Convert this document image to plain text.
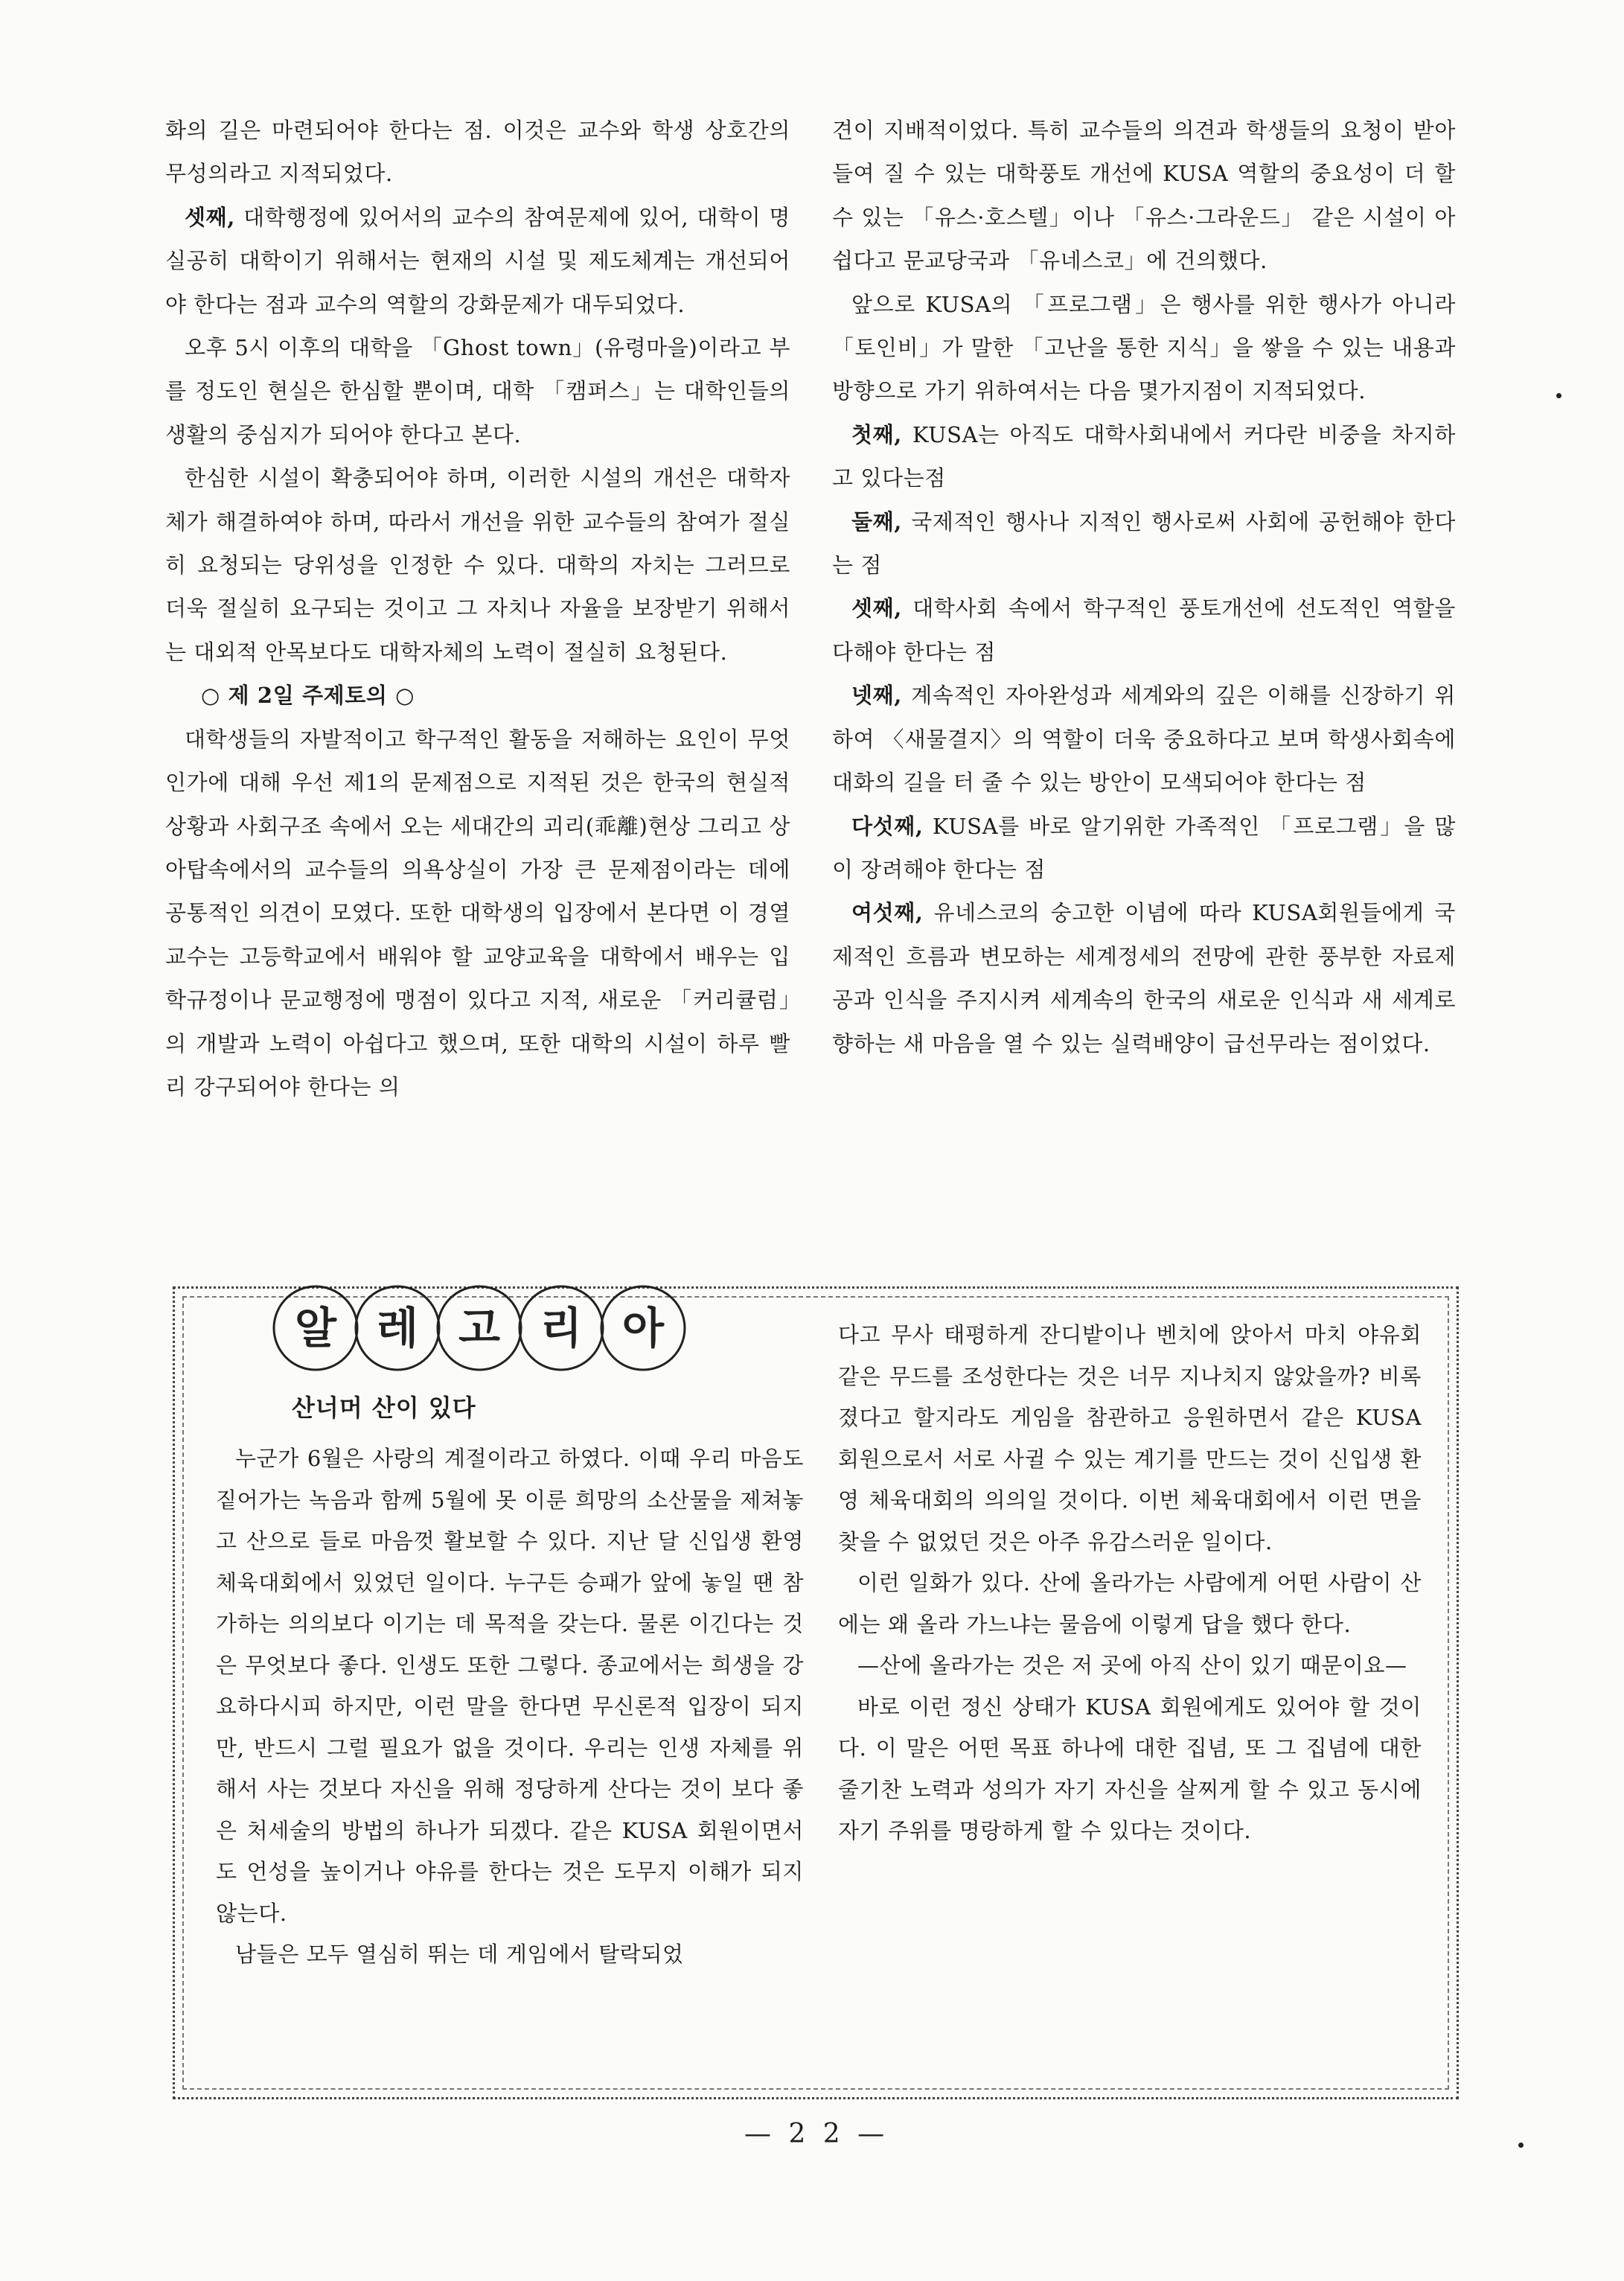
화의 길은 마련되어야 한다는 점. 이것은 교수와 학생 상호간의 무성의라고 지적되었다.

셋째, 대학행정에 있어서의 교수의 참여문제에 있어, 대학이 명실공히 대학이기 위해서는 현재의 시설 및 제도체계는 개선되어야 한다는 점과 교수의 역할의 강화문제가 대두되었다.

오후 5시 이후의 대학을 「Ghost town」(유령마을)이라고 부를 정도인 현실은 한심할 뿐이며, 대학 「캠퍼스」는 대학인들의 생활의 중심지가 되어야 한다고 본다.

한심한 시설이 확충되어야 하며, 이러한 시설의 개선은 대학자체가 해결하여야 하며, 따라서 개선을 위한 교수들의 참여가 절실히 요청되는 당위성을 인정한 수 있다. 대학의 자치는 그러므로 더욱 절실히 요구되는 것이고 그 자치나 자율을 보장받기 위해서는 대외적 안목보다도 대학자체의 노력이 절실히 요청된다.

○ 제 2일 주제토의 ○

대학생들의 자발적이고 학구적인 활동을 저해하는 요인이 무엇인가에 대해 우선 제1의 문제점으로 지적된 것은 한국의 현실적 상황과 사회구조 속에서 오는 세대간의 괴리(乖離)현상 그리고 상아탑속에서의 교수들의 의욕상실이 가장 큰 문제점이라는 데에 공통적인 의견이 모였다. 또한 대학생의 입장에서 본다면 이 경열교수는 고등학교에서 배워야 할 교양교육을 대학에서 배우는 입학규정이나 문교행정에 맹점이 있다고 지적, 새로운 「커리큘럼」의 개발과 노력이 아쉽다고 했으며, 또한 대학의 시설이 하루 빨리 강구되어야 한다는 의

견이 지배적이었다. 특히 교수들의 의견과 학생들의 요청이 받아들여 질 수 있는 대학풍토 개선에 KUSA 역할의 중요성이 더 할 수 있는 「유스·호스텔」이나 「유스·그라운드」 같은 시설이 아쉽다고 문교당국과 「유네스코」에 건의했다.

앞으로 KUSA의 「프로그램」은 행사를 위한 행사가 아니라 「토인비」가 말한 「고난을 통한 지식」을 쌓을 수 있는 내용과 방향으로 가기 위하여서는 다음 몇가지점이 지적되었다.

첫째, KUSA는 아직도 대학사회내에서 커다란 비중을 차지하고 있다는점

둘째, 국제적인 행사나 지적인 행사로써 사회에 공헌해야 한다는 점

셋째, 대학사회 속에서 학구적인 풍토개선에 선도적인 역할을 다해야 한다는 점

넷째, 계속적인 자아완성과 세계와의 깊은 이해를 신장하기 위하여 〈새물결지〉의 역할이 더욱 중요하다고 보며 학생사회속에 대화의 길을 터 줄 수 있는 방안이 모색되어야 한다는 점

다섯째, KUSA를 바로 알기위한 가족적인 「프로그램」을 많이 장려해야 한다는 점

여섯째, 유네스코의 숭고한 이념에 따라 KUSA회원들에게 국제적인 흐름과 변모하는 세계정세의 전망에 관한 풍부한 자료제공과 인식을 주지시켜 세계속의 한국의 새로운 인식과 새 세계로 향하는 새 마음을 열 수 있는 실력배양이 급선무라는 점이었다.

알 레 고 리 아
산너머 산이 있다

누군가 6월은 사랑의 계절이라고 하였다. 이때 우리 마음도 짙어가는 녹음과 함께 5월에 못 이룬 희망의 소산물을 제쳐놓고 산으로 들로 마음껏 활보할 수 있다. 지난 달 신입생 환영 체육대회에서 있었던 일이다. 누구든 승패가 앞에 놓일 땐 참가하는 의의보다 이기는 데 목적을 갖는다. 물론 이긴다는 것은 무엇보다 좋다. 인생도 또한 그렇다. 종교에서는 희생을 강요하다시피 하지만, 이런 말을 한다면 무신론적 입장이 되지만, 반드시 그럴 필요가 없을 것이다. 우리는 인생 자체를 위해서 사는 것보다 자신을 위해 정당하게 산다는 것이 보다 좋은 처세술의 방법의 하나가 되겠다. 같은 KUSA 회원이면서도 언성을 높이거나 야유를 한다는 것은 도무지 이해가 되지 않는다.

남들은 모두 열심히 뛰는 데 게임에서 탈락되었

다고 무사 태평하게 잔디밭이나 벤치에 앉아서 마치 야유회 같은 무드를 조성한다는 것은 너무 지나치지 않았을까? 비록 졌다고 할지라도 게임을 참관하고 응원하면서 같은 KUSA 회원으로서 서로 사귈 수 있는 계기를 만드는 것이 신입생 환영 체육대회의 의의일 것이다. 이번 체육대회에서 이런 면을 찾을 수 없었던 것은 아주 유감스러운 일이다.

이런 일화가 있다. 산에 올라가는 사람에게 어떤 사람이 산에는 왜 올라 가느냐는 물음에 이렇게 답을 했다 한다.

—산에 올라가는 것은 저 곳에 아직 산이 있기 때문이요—

바로 이런 정신 상태가 KUSA 회원에게도 있어야 할 것이다. 이 말은 어떤 목표 하나에 대한 집념, 또 그 집념에 대한 줄기찬 노력과 성의가 자기 자신을 살찌게 할 수 있고 동시에 자기 주위를 명랑하게 할 수 있다는 것이다.

— 2 2 —
